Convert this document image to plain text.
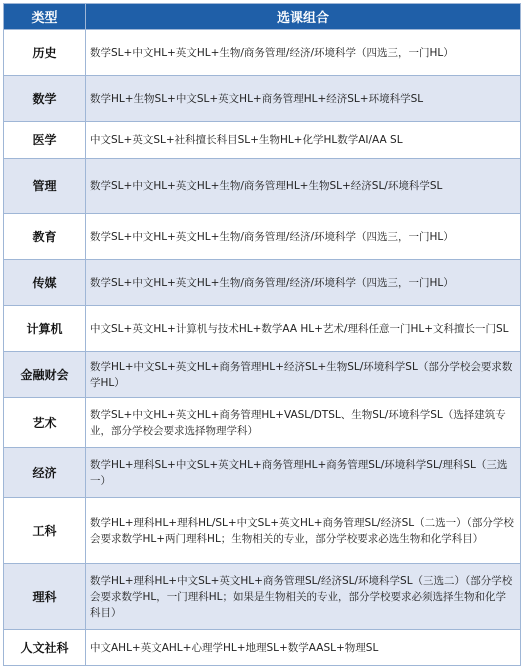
类型	选课组合
历史	数学SL+中文HL+英文HL+生物/商务管理/经济/环境科学（四选三，一门HL）
数学	数学HL+生物SL+中文SL+英文HL+商务管理HL+经济SL+环境科学SL
医学	中文SL+英文SL+社科擅长科目SL+生物HL+化学HL数学AI/AA SL
管理	数学SL+中文HL+英文HL+生物/商务管理HL+生物SL+经济SL/环境科学SL
教育	数学SL+中文HL+英文HL+生物/商务管理/经济/环境科学（四选三，一门HL）
传媒	数学SL+中文HL+英文HL+生物/商务管理/经济/环境科学（四选三，一门HL）
计算机	中文SL+英文HL+计算机与技术HL+数学AA HL+艺术/理科任意一门HL+文科擅长一门SL
金融财会	数学HL+中文SL+英文HL+商务管理HL+经济SL+生物SL/环境科学SL（部分学校会要求数学HL）
艺术	数学SL+中文HL+英文HL+商务管理HL+VASL/DTSL、生物SL/环境科学SL（选择建筑专业，部分学校会要求选择物理学科）
经济	数学HL+理科SL+中文SL+英文HL+商务管理HL+商务管理SL/环境科学SL/理科SL（三选一）
工科	数学HL+理科HL+理科HL/SL+中文SL+英文HL+商务管理SL/经济SL（二选一）（部分学校会要求数学HL+两门理科HL；生物相关的专业，部分学校要求必选生物和化学科目）
理科	数学HL+理科HL+中文SL+英文HL+商务管理SL/经济SL/环境科学SL（三选二）（部分学校会要求数学HL，一门理科HL；如果是生物相关的专业，部分学校要求必须选择生物和化学科目）
人文社科	中文AHL+英文AHL+心理学HL+地理SL+数学AASL+物理SL
